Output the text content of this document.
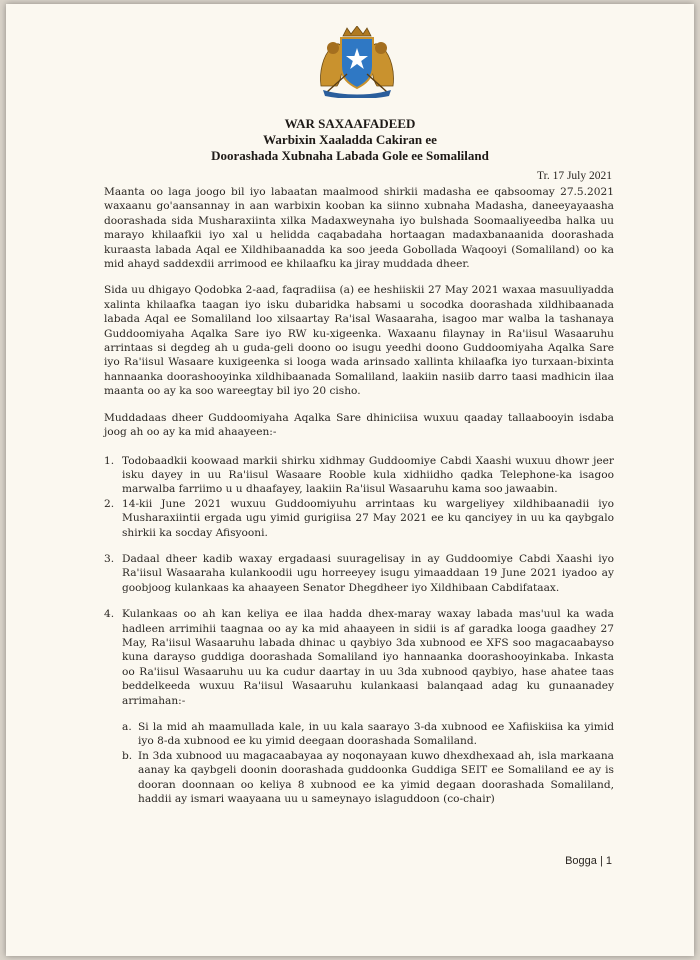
WAR SAXAAFADEED
Warbixin Xaaladda Cakiran ee
Doorashada Xubnaha Labada Gole ee Somaliland
Tr. 17 July 2021

Maanta oo laga joogo bil iyo labaatan maalmood shirkii madasha ee qabsoomay 27.5.2021 waxaanu go'aansannay in aan warbixin kooban ka siinno xubnaha Madasha, daneeyayaasha doorashada sida Musharaxiinta xilka Madaxweynaha iyo bulshada Soomaaliyeedba halka uu marayo khilaafkii iyo xal u helidda caqabadaha hortaagan madaxbanaanida doorashada kuraasta labada Aqal ee Xildhibaanadda ka soo jeeda Gobollada Waqooyi (Somaliland) oo ka mid ahayd saddexdii arrimood ee khilaafku ka jiray muddada dheer.

Sida uu dhigayo Qodobka 2-aad, faqradiisa (a) ee heshiiskii 27 May 2021 waxaa masuuliyadda xalinta khilaafka taagan iyo isku dubaridka habsami u socodka doorashada xildhibaanada labada Aqal ee Somaliland loo xilsaartay Ra'isal Wasaaraha, isagoo mar walba la tashanaya Guddoomiyaha Aqalka Sare iyo RW ku-xigeenka. Waxaanu filaynay in Ra'iisul Wasaaruhu arrintaas si degdeg ah u guda-geli doono oo isugu yeedhi doono Guddoomiyaha Aqalka Sare iyo Ra'iisul Wasaare kuxigeenka si looga wada arinsado xallinta khilaafka iyo turxaan-bixinta hannaanka doorashooyinka xildhibaanada Somaliland, laakiin nasiib darro taasi madhicin ilaa maanta oo ay ka soo wareegtay bil iyo 20 cisho.

Muddadaas dheer Guddoomiyaha Aqalka Sare dhiniciisa wuxuu qaaday tallaabooyin isdaba joog ah oo ay ka mid ahaayeen:-

1. Todobaadkii koowaad markii shirku xidhmay Guddoomiye Cabdi Xaashi wuxuu dhowr jeer isku dayey in uu Ra'iisul Wasaare Rooble kula xidhiidho qadka Telephone-ka isagoo marwalba farriimo u u dhaafayey, laakiin Ra'iisul Wasaaruhu kama soo jawaabin.
2. 14-kii June 2021 wuxuu Guddoomiyuhu arrintaas ku wargeliyey xildhibaanadii iyo Musharaxiintii ergada ugu yimid gurigiisa 27 May 2021 ee ku qanciyey in uu ka qaybgalo shirkii ka socday Afisyooni.
3. Dadaal dheer kadib waxay ergadaasi suuragelisay in ay Guddoomiye Cabdi Xaashi iyo Ra'iisul Wasaaraha kulankoodii ugu horreeyey isugu yimaaddaan 19 June 2021 iyadoo ay goobjoog kulankaas ka ahaayeen Senator Dhegdheer iyo Xildhibaan Cabdifataax.
4. Kulankaas oo ah kan keliya ee ilaa hadda dhex-maray waxay labada mas'uul ka wada hadleen arrimihii taagnaa oo ay ka mid ahaayeen in sidii is af garadka looga gaadhey 27 May, Ra'iisul Wasaaruhu labada dhinac u qaybiyo 3da xubnood ee XFS soo magacaabayso kuna darayso guddiga doorashada Somaliland iyo hannaanka doorashooyinkaba. Inkasta oo Ra'iisul Wasaaruhu uu ka cudur daartay in uu 3da xubnood qaybiyo, hase ahatee taas beddelkeeda wuxuu Ra'iisul Wasaaruhu kulankaasi balanqaad adag ku gunaanadey arrimahan:-
a. Si la mid ah maamullada kale, in uu kala saarayo 3-da xubnood ee Xafiiskiisa ka yimid iyo 8-da xubnood ee ku yimid deegaan doorashada Somaliland.
b. In 3da xubnood uu magacaabayaa ay noqonayaan kuwo dhexdhexaad ah, isla markaana aanay ka qaybgeli doonin doorashada guddoonka Guddiga SEIT ee Somaliland ee ay is dooran doonnaan oo keliya 8 xubnood ee ka yimid degaan doorashada Somaliland, haddii ay ismari waayaana uu u sameynayo islaguddoon (co-chair)
Bogga | 1
